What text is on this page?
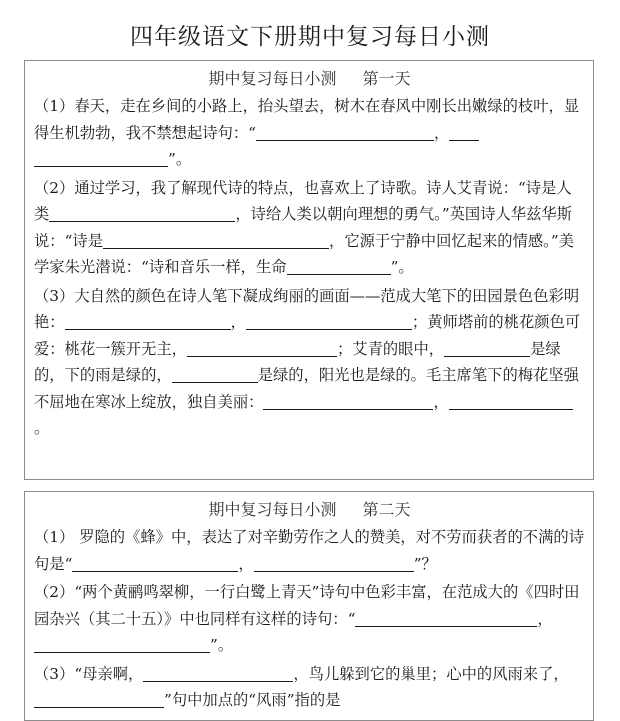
四年级语文下册期中复习每日小测
期中复习每日小测 第一天

（1）春天，走在乡间的小路上，抬头望去，树木在春风中刚长出嫩绿的枝叶，显得生机勃勃，我不禁想起诗句：“	，”。

（2）通过学习，我了解现代诗的特点，也喜欢上了诗歌。诗人艾青说：“诗是人类	，诗给人类以朝向理想的勇气。”英国诗人华兹华斯说：“诗是	，它源于宁静中回忆起来的情感。”美学家朱光潜说：“诗和音乐一样，生命	”。

（3）大自然的颜色在诗人笔下凝成绚丽的画面——范成大笔下的田园景色色彩明艳：	，	；黄师塔前的桃花颜色可爱：桃花一簇开无主，	；艾青的眼中，	是绿的，下的雨是绿的，	是绿的，阳光也是绿的。毛主席笔下的梅花坚强不屈地在寒冰上绽放，独自美丽：	，。

期中复习每日小测 第二天

（1） 罗隐的《蜂》中，表达了对辛勤劳作之人的赞美，对不劳而获者的不满的诗句是“	，	”？

（2）“两个黄鹂鸣翠柳，一行白鹭上青天”诗句中色彩丰富，在范成大的《四时田园杂兴（其二十五）》中也同样有这样的诗句：“	，”。

（3）“母亲啊，	，鸟儿躲到它的巢里；心中的风雨来了，”句中加点的“风雨”指的是
